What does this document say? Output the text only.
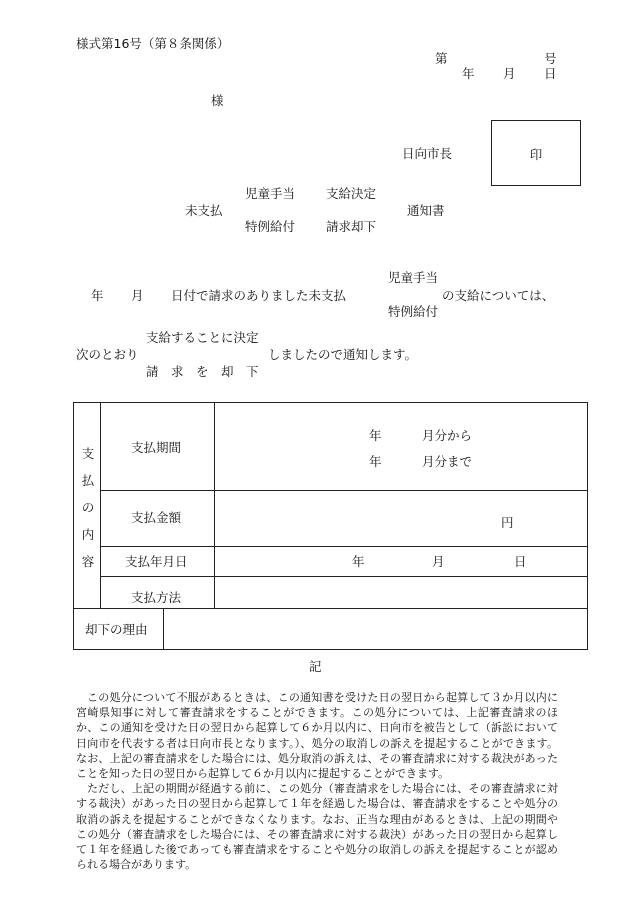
様式第16号（第８条関係）
第	号
年 月 日
様
日向市長	印
児童手当 支給決定
未支払	通知書
特例給付 請求却下
児童手当
年 月 日付で請求のありました未支払	の支給については、
特例給付
支給することに決定
次のとおり	しましたので通知します。
請　求　を　却　下
支
払
の
内
容
支払期間
年	月分から
年	月分まで
支払金額	円
支払年月日	年	月	日
支払方法
却下の理由
記

この処分について不服があるときは、この通知書を受けた日の翌日から起算して３か月以内に宮崎県知事に対して審査請求をすることができます。この処分については、上記審査請求のほか、この通知を受けた日の翌日から起算して６か月以内に、日向市を被告として（訴訟において日向市を代表する者は日向市長となります。）、処分の取消しの訴えを提起することができます。なお、上記の審査請求をした場合には、処分取消の訴えは、その審査請求に対する裁決があったことを知った日の翌日から起算して６か月以内に提起することができます。

ただし、上記の期間が経過する前に、この処分（審査請求をした場合には、その審査請求に対する裁決）があった日の翌日から起算して１年を経過した場合は、審査請求をすることや処分の取消の訴えを提起することができなくなります。なお、正当な理由があるときは、上記の期間やこの処分（審査請求をした場合には、その審査請求に対する裁決）があった日の翌日から起算して１年を経過した後であっても審査請求をすることや処分の取消しの訴えを提起することが認められる場合があります。
